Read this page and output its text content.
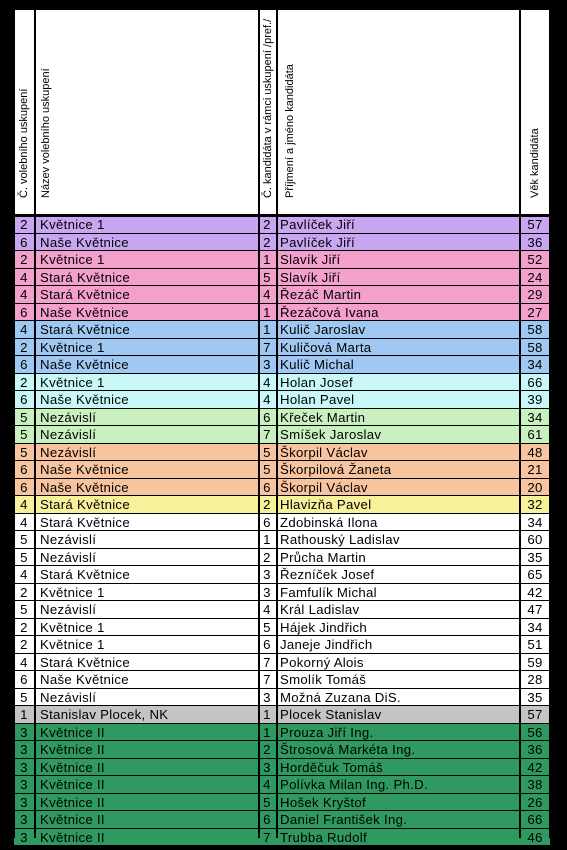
Č. volebního uskupení Název volebního uskupení	Č. kandidáta v rámci uskupení /pref./ Příjmení a jméno kandidáta	Věk kandidáta
2 Květnice 1	2 Pavlíček Jiří	57
6 Naše Květnice	2 Pavlíček Jiří	36
2 Květnice 1	1 Slavík Jiří	52
4 Stará Květnice	5 Slavík Jiří	24
4 Stará Květnice	4 Řezáč Martin	29
6 Naše Květnice	1 Řezáčová Ivana	27
4 Stará Květnice	1 Kulič Jaroslav	58
2 Květnice 1	7 Kuličová Marta	58
6 Naše Květnice	3 Kulič Michal	34
2 Květnice 1	4 Holan Josef	66
6 Naše Květnice	4 Holan Pavel	39
5 Nezávislí	6 Křeček Martin	34
5 Nezávislí	7 Smíšek Jaroslav	61
5 Nezávislí	5 Škorpil Václav	48
6 Naše Květnice	5 Škorpilová Žaneta	21
6 Naše Květnice	6 Škorpil Václav	20
4 Stará Květnice	2 Hlavizňa Pavel	32
4 Stará Květnice	6 Zdobinská Ilona	34
5 Nezávislí	1 Rathouský Ladislav	60
5 Nezávislí	2 Průcha Martin	35
4 Stará Květnice	3 Řezníček Josef	65
2 Květnice 1	3 Famfulík Michal	42
5 Nezávislí	4 Král Ladislav	47
2 Květnice 1	5 Hájek Jindřich	34
2 Květnice 1	6 Janeje Jindřich	51
4 Stará Květnice	7 Pokorný Alois	59
6 Naše Květnice	7 Smolík Tomáš	28
5 Nezávislí	3 Možná Zuzana DiS.	35
1 Stanislav Plocek, NK	1 Plocek Stanislav	57
3 Květnice II	1 Prouza Jiří Ing.	56
3 Květnice II	2 Štrosová Markéta Ing.	36
3 Květnice II	3 Horděčuk Tomáš	42
3 Květnice II	4 Polívka Milan Ing. Ph.D.	38
3 Květnice II	5 Hošek Kryštof	26
3 Květnice II	6 Daniel František Ing.	66
3 Květnice II	7 Trubba Rudolf	46
